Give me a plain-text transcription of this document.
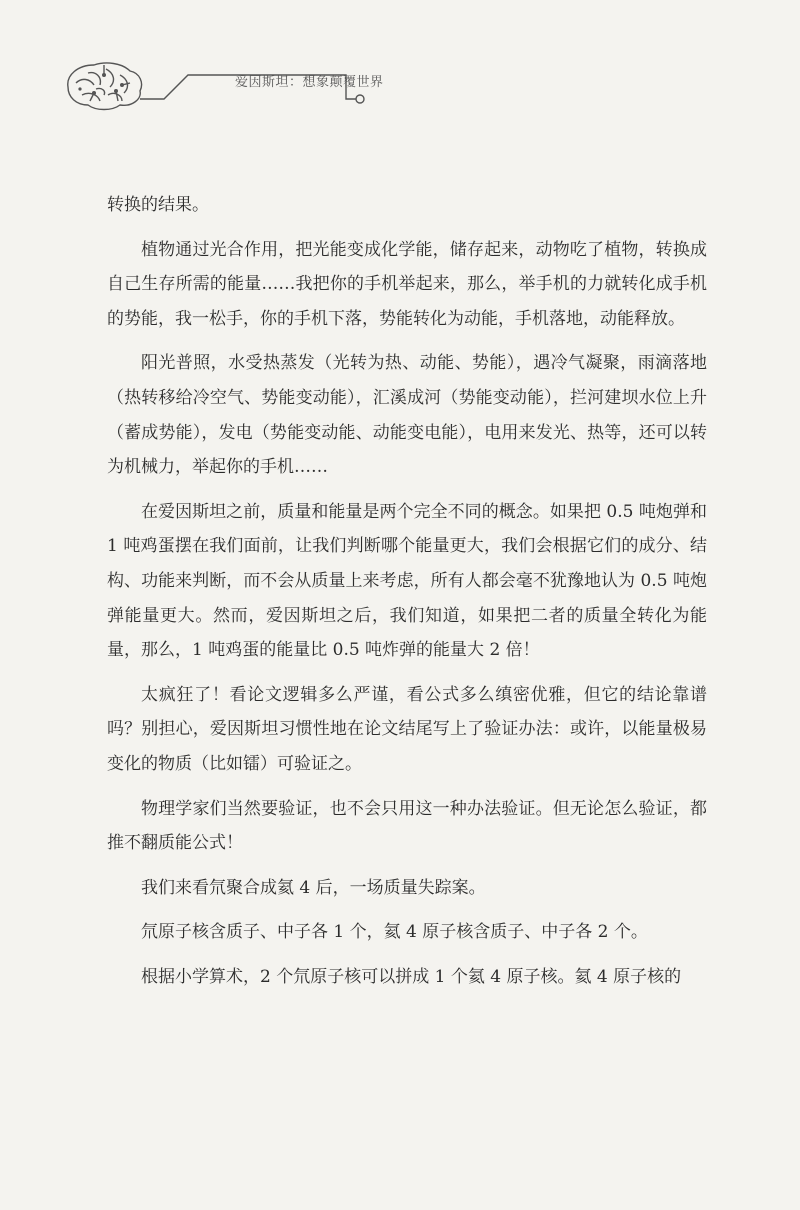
爱因斯坦：想象颠覆世界

转换的结果。

植物通过光合作用，把光能变成化学能，储存起来，动物吃了植物，转换成自己生存所需的能量……我把你的手机举起来，那么，举手机的力就转化成手机的势能，我一松手，你的手机下落，势能转化为动能，手机落地，动能释放。

阳光普照，水受热蒸发（光转为热、动能、势能），遇冷气凝聚，雨滴落地（热转移给冷空气、势能变动能），汇溪成河（势能变动能），拦河建坝水位上升（蓄成势能），发电（势能变动能、动能变电能），电用来发光、热等，还可以转为机械力，举起你的手机……

在爱因斯坦之前，质量和能量是两个完全不同的概念。如果把 0.5 吨炮弹和 1 吨鸡蛋摆在我们面前，让我们判断哪个能量更大，我们会根据它们的成分、结构、功能来判断，而不会从质量上来考虑，所有人都会毫不犹豫地认为 0.5 吨炮弹能量更大。然而，爱因斯坦之后，我们知道，如果把二者的质量全转化为能量，那么，1 吨鸡蛋的能量比 0.5 吨炸弹的能量大 2 倍！

太疯狂了！看论文逻辑多么严谨，看公式多么缜密优雅，但它的结论靠谱吗？别担心，爱因斯坦习惯性地在论文结尾写上了验证办法：或许，以能量极易变化的物质（比如镭）可验证之。

物理学家们当然要验证，也不会只用这一种办法验证。但无论怎么验证，都推不翻质能公式！

我们来看氘聚合成氦 4 后，一场质量失踪案。

氘原子核含质子、中子各 1 个，氦 4 原子核含质子、中子各 2 个。

根据小学算术，2 个氘原子核可以拼成 1 个氦 4 原子核。氦 4 原子核的
